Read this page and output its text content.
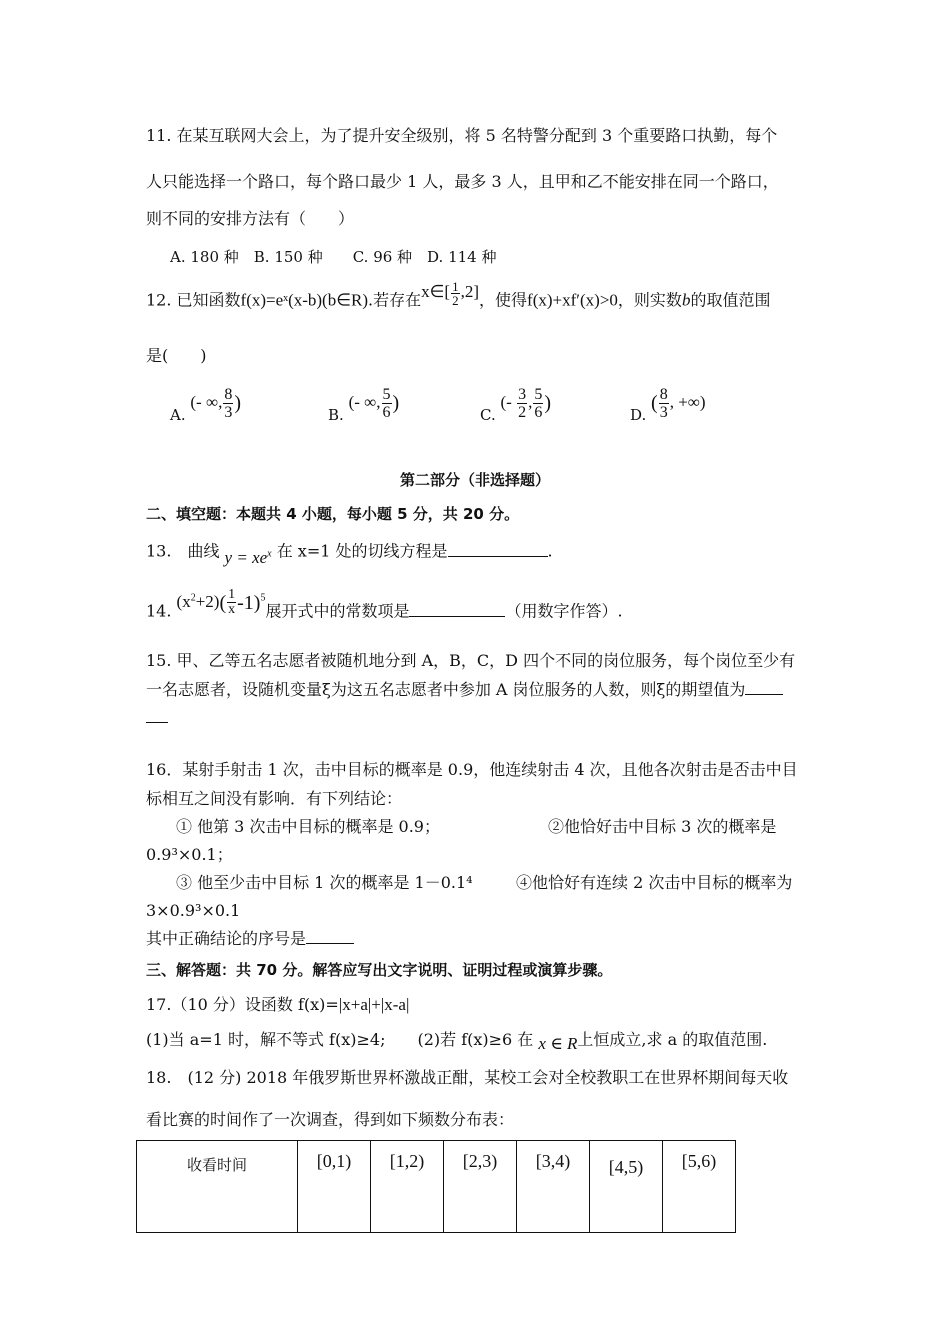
11. 在某互联网大会上，为了提升安全级别，将 5 名特警分配到 3 个重要路口执勤，每个
人只能选择一个路口，每个路口最少 1 人，最多 3 人，且甲和乙不能安排在同一个路口，
则不同的安排方法有（　　）
A. 180 种　B. 150 种　　C. 96 种　D. 114 种
12. 已知函数f(x)=eˣ(x-b)(b∈R).若存在x∈[ $\frac{1}{2} ,2$]，使得f(x)+xf′(x)>0，则实数b的取值范围
是(　　)
A. (- ∞, $\frac{8}{3}$ )
B. (- ∞, $\frac{5}{6}$ )
C. (- $\frac{3}{2}$ , $\frac{5}{6}$ )
D. ( $\frac{8}{3}$ , +∞)
第二部分（非选择题）
二、填空题：本题共 4 小题，每小题 5 分，共 20 分。
13.　曲线 $y = xe^x$ 在 x=1 处的切线方程是	.
14. $(x^2+2)( \frac{1}{x} -1)^5$展开式中的常数项是	（用数字作答）.
15. 甲、乙等五名志愿者被随机地分到 A，B，C，D 四个不同的岗位服务，每个岗位至少有
一名志愿者，设随机变量ξ为这五名志愿者中参加 A 岗位服务的人数，则ξ的期望值为
16．某射手射击 1 次，击中目标的概率是 0.9，他连续射击 4 次，且他各次射击是否击中目
标相互之间没有影响．有下列结论：
① 他第 3 次击中目标的概率是 0.9；	②他恰好击中目标 3 次的概率是
0.9³×0.1；
③ 他至少击中目标 1 次的概率是 1－0.1⁴	④他恰好有连续 2 次击中目标的概率为
3×0.9³×0.1
其中正确结论的序号是
三、解答题：共 70 分。解答应写出文字说明、证明过程或演算步骤。
17.（10 分）设函数 f(x)=|x+a|+|x-a|
(1)当 a=1 时，解不等式 f(x)≥4;　　(2)若 f(x)≥6 在 x ∈ R上恒成立,求 a 的取值范围.
18.　(12 分) 2018 年俄罗斯世界杯激战正酣，某校工会对全校教职工在世界杯期间每天收
看比赛的时间作了一次调查，得到如下频数分布表：
收看时间	[0,1)	[1,2)	[2,3)	[3,4)	[4,5)	[5,6)
